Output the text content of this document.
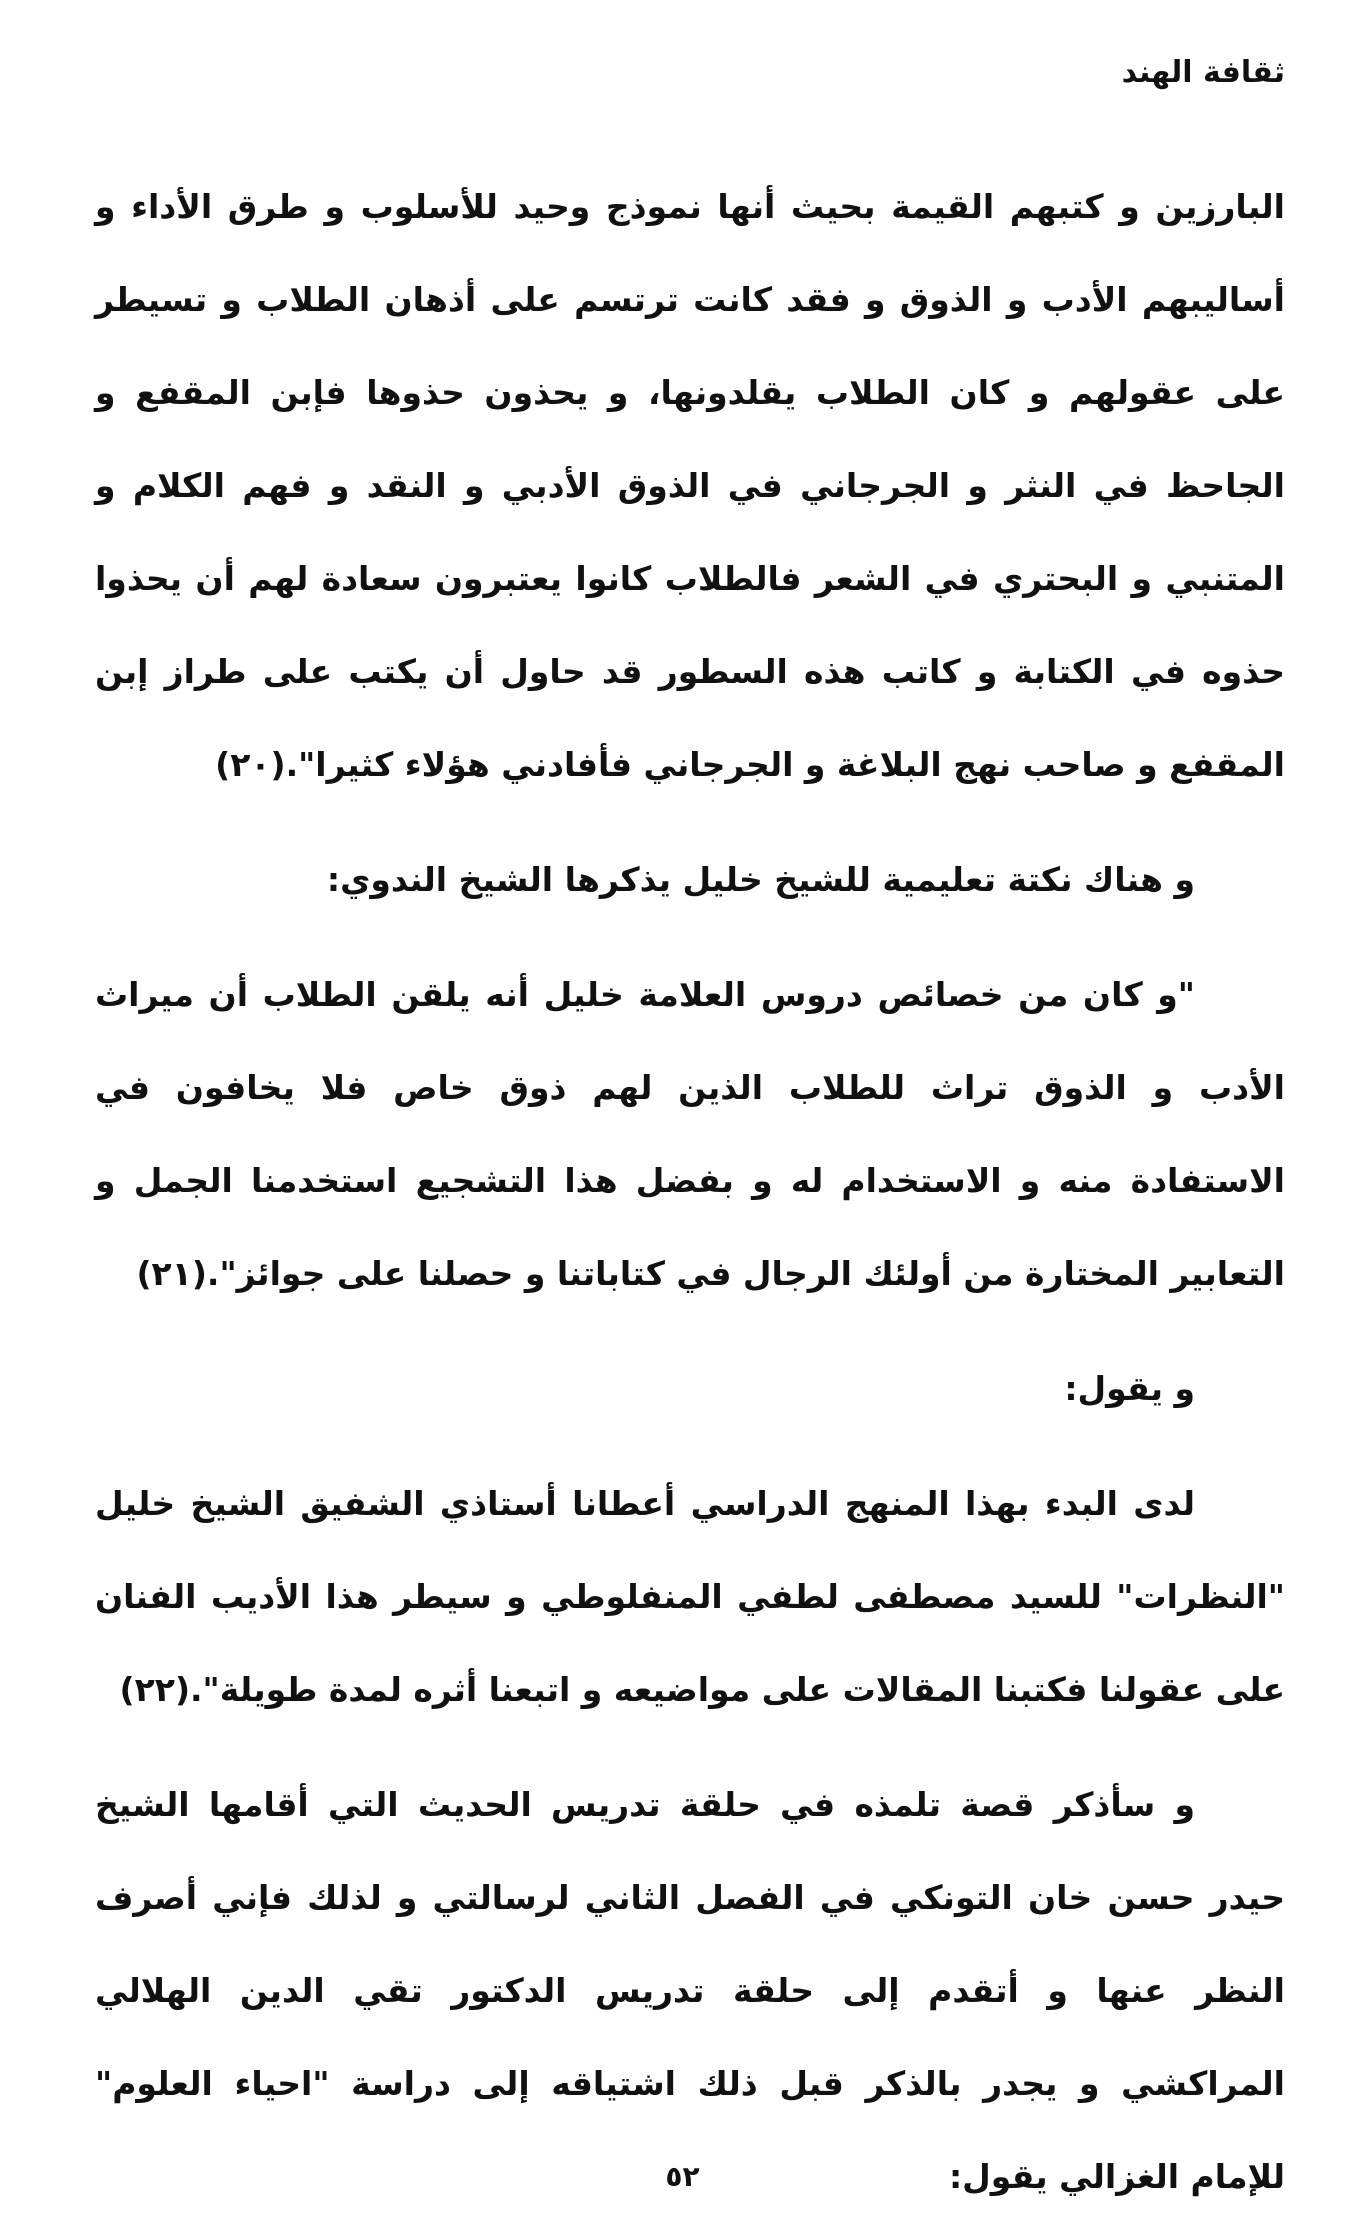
ثقافة الهند

البارزين و كتبهم القيمة بحيث أنها نموذج وحيد للأسلوب و طرق الأداء و أساليبهم الأدب و الذوق و فقد كانت ترتسم على أذهان الطلاب و تسيطر على عقولهم و كان الطلاب يقلدونها، و يحذون حذوها فإبن المقفع و الجاحظ في النثر و الجرجاني في الذوق الأدبي و النقد و فهم الكلام و المتنبي و البحتري في الشعر فالطلاب كانوا يعتبرون سعادة لهم أن يحذوا حذوه في الكتابة و كاتب هذه السطور قد حاول أن يكتب على طراز إبن المقفع و صاحب نهج البلاغة و الجرجاني فأفادني هؤلاء كثيرا".(٢٠)

و هناك نكتة تعليمية للشيخ خليل يذكرها الشيخ الندوي:

"و كان من خصائص دروس العلامة خليل أنه يلقن الطلاب أن ميراث الأدب و الذوق تراث للطلاب الذين لهم ذوق خاص فلا يخافون في الاستفادة منه و الاستخدام له و بفضل هذا التشجيع استخدمنا الجمل و التعابير المختارة من أولئك الرجال في كتاباتنا و حصلنا على جوائز".(٢١)

و يقول:

لدى البدء بهذا المنهج الدراسي أعطانا أستاذي الشفيق الشيخ خليل "النظرات" للسيد مصطفى لطفي المنفلوطي و سيطر هذا الأديب الفنان على عقولنا فكتبنا المقالات على مواضيعه و اتبعنا أثره لمدة طويلة".(٢٢)

و سأذكر قصة تلمذه في حلقة تدريس الحديث التي أقامها الشيخ حيدر حسن خان التونكي في الفصل الثاني لرسالتي و لذلك فإني أصرف النظر عنها و أتقدم إلى حلقة تدريس الدكتور تقي الدين الهلالي المراكشي و يجدر بالذكر قبل ذلك اشتياقه إلى دراسة "احياء العلوم" للإمام الغزالي يقول:

٥٢
